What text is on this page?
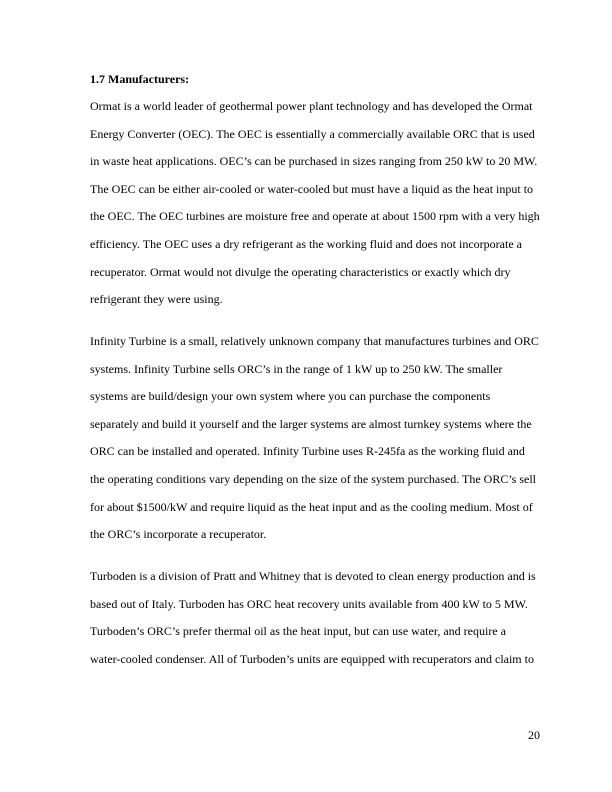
1.7 Manufacturers:
Ormat is a world leader of geothermal power plant technology and has developed the Ormat
Energy Converter (OEC). The OEC is essentially a commercially available ORC that is used
in waste heat applications. OEC’s can be purchased in sizes ranging from 250 kW to 20 MW.
The OEC can be either air-cooled or water-cooled but must have a liquid as the heat input to
the OEC. The OEC turbines are moisture free and operate at about 1500 rpm with a very high
efficiency. The OEC uses a dry refrigerant as the working fluid and does not incorporate a
recuperator. Ormat would not divulge the operating characteristics or exactly which dry
refrigerant they were using.
Infinity Turbine is a small, relatively unknown company that manufactures turbines and ORC
systems. Infinity Turbine sells ORC’s in the range of 1 kW up to 250 kW. The smaller
systems are build/design your own system where you can purchase the components
separately and build it yourself and the larger systems are almost turnkey systems where the
ORC can be installed and operated. Infinity Turbine uses R-245fa as the working fluid and
the operating conditions vary depending on the size of the system purchased. The ORC’s sell
for about $1500/kW and require liquid as the heat input and as the cooling medium. Most of
the ORC’s incorporate a recuperator.
Turboden is a division of Pratt and Whitney that is devoted to clean energy production and is
based out of Italy. Turboden has ORC heat recovery units available from 400 kW to 5 MW.
Turboden’s ORC’s prefer thermal oil as the heat input, but can use water, and require a
water-cooled condenser. All of Turboden’s units are equipped with recuperators and claim to
20
